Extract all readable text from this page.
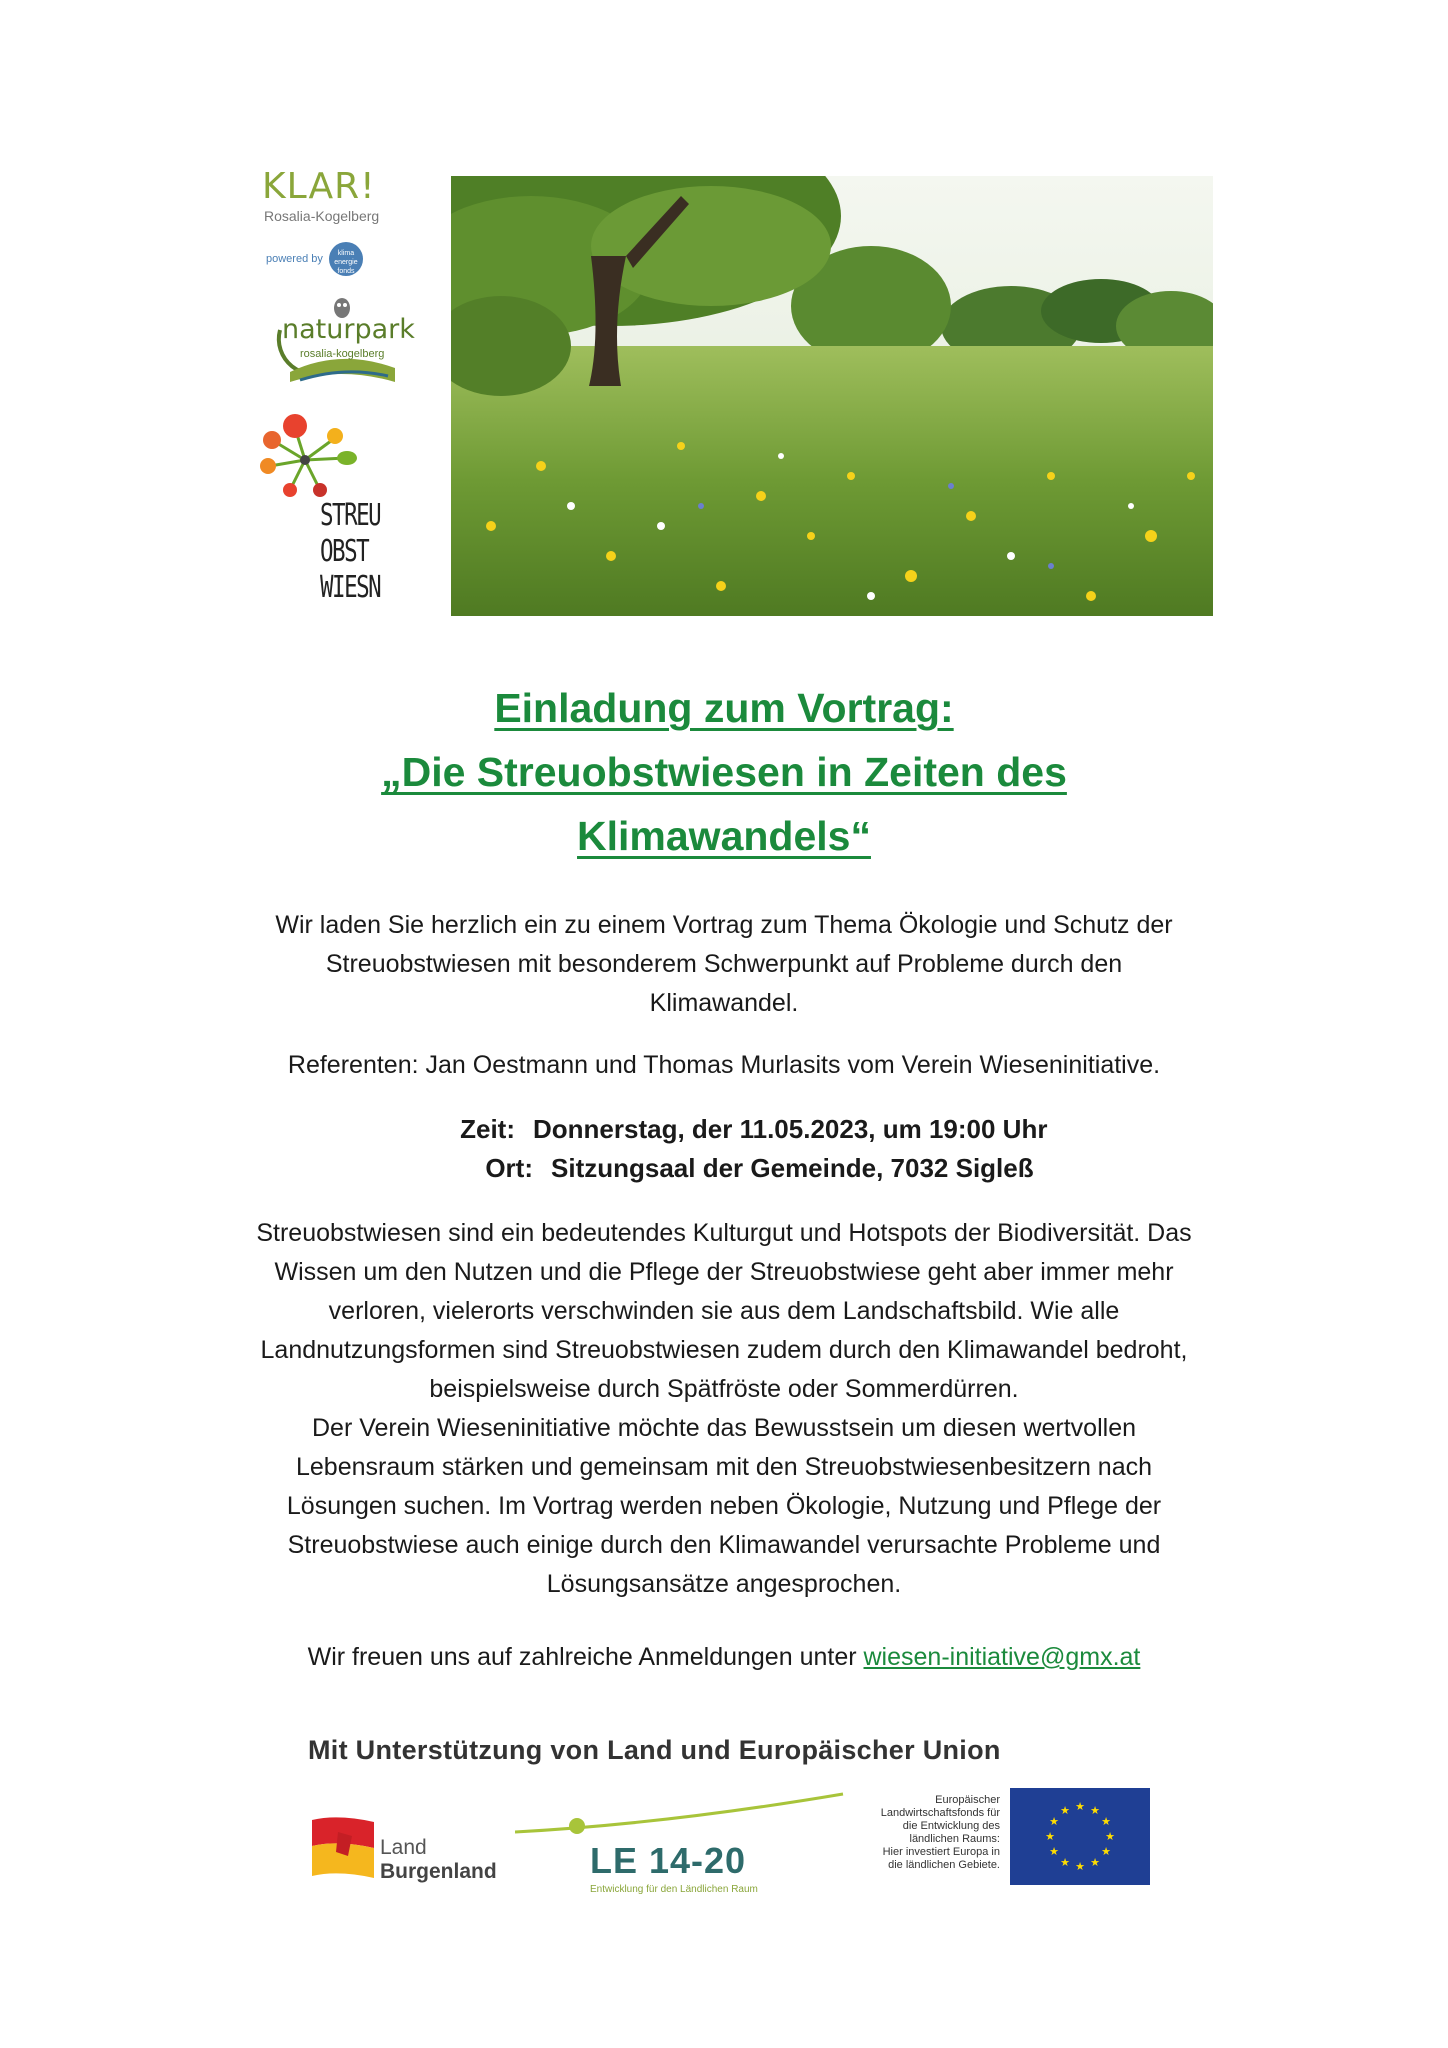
KLAR!
Rosalia-Kogelberg
powered by klima energie fonds
naturpark
rosalia-kogelberg
STREU
OBST
WIESN
Einladung zum Vortrag:
„Die Streuobstwiesen in Zeiten des
Klimawandels“
Wir laden Sie herzlich ein zu einem Vortrag zum Thema Ökologie und Schutz der
Streuobstwiesen mit besonderem Schwerpunkt auf Probleme durch den
Klimawandel.
Referenten: Jan Oestmann und Thomas Murlasits vom Verein Wieseninitiative.
Zeit: Donnerstag, der 11.05.2023, um 19:00 Uhr
Ort: Sitzungsaal der Gemeinde, 7032 Sigleß
Streuobstwiesen sind ein bedeutendes Kulturgut und Hotspots der Biodiversität. Das
Wissen um den Nutzen und die Pflege der Streuobstwiese geht aber immer mehr
verloren, vielerorts verschwinden sie aus dem Landschaftsbild. Wie alle
Landnutzungsformen sind Streuobstwiesen zudem durch den Klimawandel bedroht,
beispielsweise durch Spätfröste oder Sommerdürren.
Der Verein Wieseninitiative möchte das Bewusstsein um diesen wertvollen
Lebensraum stärken und gemeinsam mit den Streuobstwiesenbesitzern nach
Lösungen suchen. Im Vortrag werden neben Ökologie, Nutzung und Pflege der
Streuobstwiese auch einige durch den Klimawandel verursachte Probleme und
Lösungsansätze angesprochen.
Wir freuen uns auf zahlreiche Anmeldungen unter wiesen-initiative@gmx.at
Mit Unterstützung von Land und Europäischer Union
Land
Burgenland	LE 14-20
Entwicklung für den Ländlichen Raum
Europäischer
Landwirtschaftsfonds für
die Entwicklung des
ländlichen Raums:
Hier investiert Europa in
die ländlichen Gebiete.
★ ★
★
★
★
★
★
★
★
★
★
★
